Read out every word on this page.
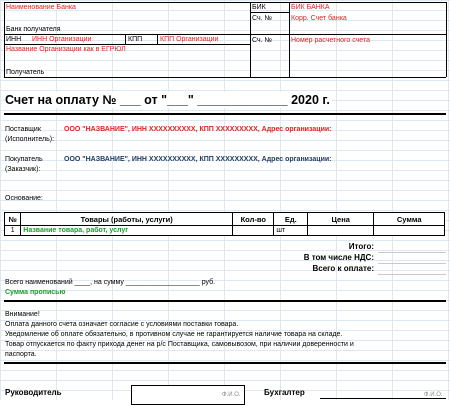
Наименование Банка
Банк получателя
БИК	БИК БАНКА
Сч. №	Корр. Счет банка
ИНН ИНН Организации	КПП	КПП Организации	Сч. №	Номер расчетного счета
Название Организации как в ЕГРЮЛ
Получатель
Счет на оплату № ___ от "___" _____________ 2020 г.
Поставщик
(Исполнитель):
ООО "НАЗВАНИЕ", ИНН XXXXXXXXXX, КПП XXXXXXXXX, Адрес организации:
Покупатель
(Заказчик):
ООО "НАЗВАНИЕ", ИНН XXXXXXXXXX, КПП XXXXXXXXX, Адрес организации:
Основание:
№	Товары (работы, услуги)	Кол-во	Ед.	Цена	Сумма
1	Название товара, работ, услуг		шт		
Итого:
В том числе НДС:
Всего к оплате:
Всего наименований ____, на сумму ___________________ руб.
Сумма прописью
Внимание!
Оплата данного счета означает согласие с условиями поставки товара.
Уведомление об оплате обязательно, в противном случае не гарантируется наличие товара на складе.
Товар отпускается по факту прихода денег на р/с Поставщика, самовывозом, при наличии доверенности и
паспорта.
Руководитель	Ф.И.О.	Бухгалтер	Ф.И.О.
